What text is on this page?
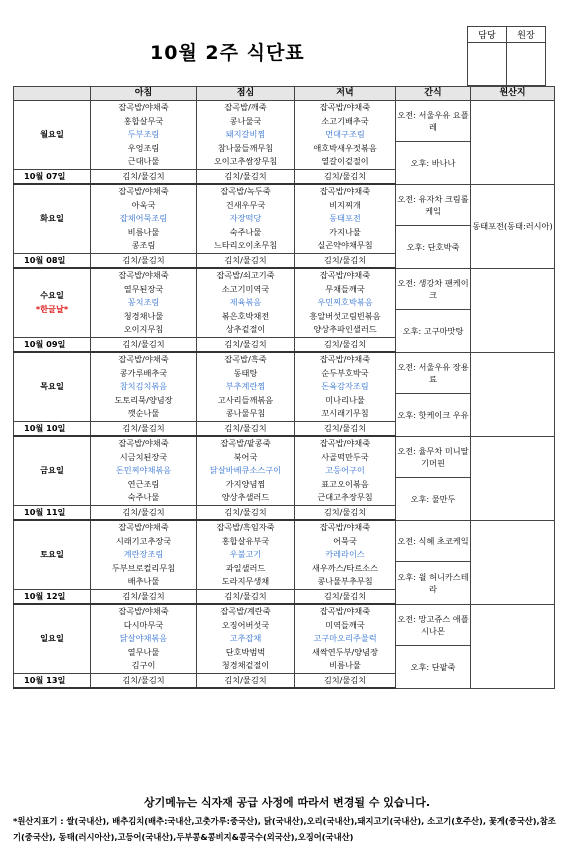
10월 2주 식단표
담당	원장

	아침	점심	저녁	간식	원산지

월요일	잡곡밥/야채죽	잡곡밥/깨죽	잡곡밥/야채죽	오전: 서울우유 요플레	
	홍합살무국	콩나물국	소고기배추국		
	두부조림	돼지갈비찜	먼대구조림		
	우엉조림	참나물들깨무침	애호박새우젓볶음	오후: 바나나	
	근대나물	오이고추쌈장무침	열갈이겉절이		
10월 07일	김치/물김치	김치/물김치	김치/물김치		

화요일	잡곡밥/야채죽	잡곡밥/녹두죽	잡곡밥/야채죽	오전: 유자차 크림롤케잌	동태포전(동태:러시아)
	아욱국	건새우무국	비지찌개		
	잡채어묵조림	자장떡당	동태포전		
	비름나물	숙주나물	가지나물	오후: 단호박죽	
	콩조림	느타리오이초무침	실곤약야채무침		
10월 08일	김치/물김치	김치/물김치	김치/물김치		

수요일
*한글날*	잡곡밥/야채죽	잡곡밥/쇠고기죽	잡곡밥/야채죽	오전: 생강차 팬케이크	
	열무된장국	소고기미역국	무채들깨국		
	꽁치조림	제육볶음	우민찌호박볶음		
	청경채나물	볶은호박채전	흥알버섯고림빈볶음	오후: 고구마맛탕	
	오이지무침	상추겉절이	양상추파인샐러드		
10월 09일	김치/물김치	김치/물김치	김치/물김치		

목요일	잡곡밥/야채죽	잡곡밥/흑죽	잡곡밥/야채죽	오전: 서울우유 장용료	
	콩가루배추국	동태탕	순두부호박국		
	참치김치볶음	부추계란찜	돈육감자조림		
	도토리묵/양념장	고사리들깨볶음	미나리나물	오후: 핫케이크 우유	
	깻순나물	콩나물무침	꼬시래기무침		
10월 10일	김치/물김치	김치/물김치	김치/물김치		

금요일	잡곡밥/야채죽	잡곡밥/팥콩죽	잡곡밥/야채죽	오전: 율무차 미니딸기머핀	
	시금치된장국	북어국	사골떡만두국		
	돈민찌야채볶음	닭살바베큐소스구이	고등어구이		
	연근조림	가지양념찜	표고오이볶음	오후: 물만두	
	숙주나물	양상추샐러드	근대고추장무침		
10월 11일	김치/물김치	김치/물김치	김치/물김치		

토요일	잡곡밥/야채죽	잡곡밥/흑임자죽	잡곡밥/야채죽	오전: 식혜 초코케잌	
	시래기고추장국	홍합살유부국	어묵국		
	계란장조림	우불고기	카레라이스		
	두부브로컬리무침	과일샐러드	새우까스/타르소스	오후: 윌 허니카스테라	
	배추나물	도라지무생채	콩나물부추무침		
10월 12일	김치/물김치	김치/물김치	김치/물김치		

일요일	잡곡밥/야채죽	잡곡밥/계란죽	잡곡밥/야채죽	오전: 망고쥬스 애플시나몬	
	다시마무국	오징어버섯국	미역들깨국		
	닭살야채볶음	고추잡채	고구마오리주물럭		
	열무나물	단호박범벅	새싹연두부/양념장	오후: 단팥죽	
	김구이	청경채겉절이	비름나물		
10월 13일	김치/물김치	김치/물김치	김치/물김치		
상기메뉴는 식자재 공급 사정에 따라서 변경될 수 있습니다.
*원산지표기 : 쌀(국내산), 배추김치(배추:국내산,고춧가루:중국산), 닭(국내산),오리(국내산),돼지고기(국내산), 소고기(호주산), 꽃게(중국산),참조기(중국산), 동태(러시아산),고등어(국내산),두부콩&콩비지&콩국수(외국산),오징어(국내산)
